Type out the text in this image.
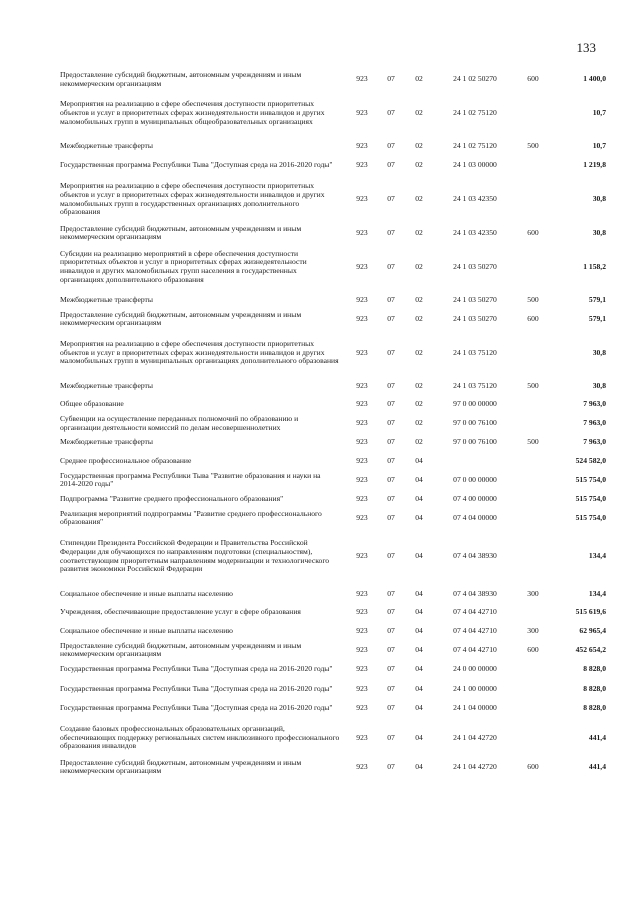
133
Предоставление субсидий бюджетным, автономным учреждениям и иным некоммерческим организациям	923	07	02	24 1 02 50270	600	1 400,0
Мероприятия на реализацию в сфере обеспечения доступности приоритетных объектов и услуг в приоритетных сферах жизнедеятельности инвалидов и других маломобильных групп в муниципальных общеобразовательных организациях	923	07	02	24 1 02 75120		10,7
Межбюджетные трансферты	923	07	02	24 1 02 75120	500	10,7
Государственная программа Республики Тыва "Доступная среда на 2016-2020 годы"	923	07	02	24 1 03 00000		1 219,8
Мероприятия на реализацию в сфере обеспечения доступности приоритетных объектов и услуг в приоритетных сферах жизнедеятельности инвалидов и других маломобильных групп в государственных организациях дополнительного образования	923	07	02	24 1 03 42350		30,8
Предоставление субсидий бюджетным, автономным учреждениям и иным некоммерческим организациям	923	07	02	24 1 03 42350	600	30,8
Субсидии на реализацию мероприятий в сфере обеспечения доступности приоритетных объектов и услуг в приоритетных сферах жизнедеятельности инвалидов и других маломобильных групп населения в государственных организациях дополнительного образования	923	07	02	24 1 03 50270		1 158,2
Межбюджетные трансферты	923	07	02	24 1 03 50270	500	579,1
Предоставление субсидий бюджетным, автономным учреждениям и иным некоммерческим организациям	923	07	02	24 1 03 50270	600	579,1
Мероприятия на реализацию в сфере обеспечения доступности приоритетных объектов и услуг в приоритетных сферах жизнедеятельности инвалидов и других маломобильных групп в муниципальных организациях дополнительного образования	923	07	02	24 1 03 75120		30,8
Межбюджетные трансферты	923	07	02	24 1 03 75120	500	30,8
Общее образование	923	07	02	97 0 00 00000		7 963,0
Субвенции на осуществление переданных полномочий по образованию и организации деятельности комиссий по делам несовершеннолетних	923	07	02	97 0 00 76100		7 963,0
Межбюджетные трансферты	923	07	02	97 0 00 76100	500	7 963,0
Среднее профессиональное образование	923	07	04			524 582,0
Государственная программа Республики Тыва "Развитие образования и науки на 2014-2020 годы"	923	07	04	07 0 00 00000		515 754,0
Подпрограмма "Развитие среднего профессионального образования"	923	07	04	07 4 00 00000		515 754,0
Реализация мероприятий подпрограммы "Развитие среднего профессионального образования"	923	07	04	07 4 04 00000		515 754,0
Стипендии Президента Российской Федерации и Правительства Российской Федерации для обучающихся по направлениям подготовки (специальностям), соответствующим приоритетным направлениям модернизации и технологического развития экономики Российской Федерации	923	07	04	07 4 04 38930		134,4
Социальное обеспечение и иные выплаты населению	923	07	04	07 4 04 38930	300	134,4
Учреждения, обеспечивающие предоставление услуг в сфере образования	923	07	04	07 4 04 42710		515 619,6
Социальное обеспечение и иные выплаты населению	923	07	04	07 4 04 42710	300	62 965,4
Предоставление субсидий бюджетным, автономным учреждениям и иным некоммерческим организациям	923	07	04	07 4 04 42710	600	452 654,2
Государственная программа Республики Тыва "Доступная среда на 2016-2020 годы"	923	07	04	24 0 00 00000		8 828,0
Государственная программа Республики Тыва "Доступная среда на 2016-2020 годы"	923	07	04	24 1 00 00000		8 828,0
Государственная программа Республики Тыва "Доступная среда на 2016-2020 годы"	923	07	04	24 1 04 00000		8 828,0
Создание базовых профессиональных образовательных организаций, обеспечивающих поддержку региональных систем инклюзивного профессионального образования инвалидов	923	07	04	24 1 04 42720		441,4
Предоставление субсидий бюджетным, автономным учреждениям и иным некоммерческим организациям	923	07	04	24 1 04 42720	600	441,4
